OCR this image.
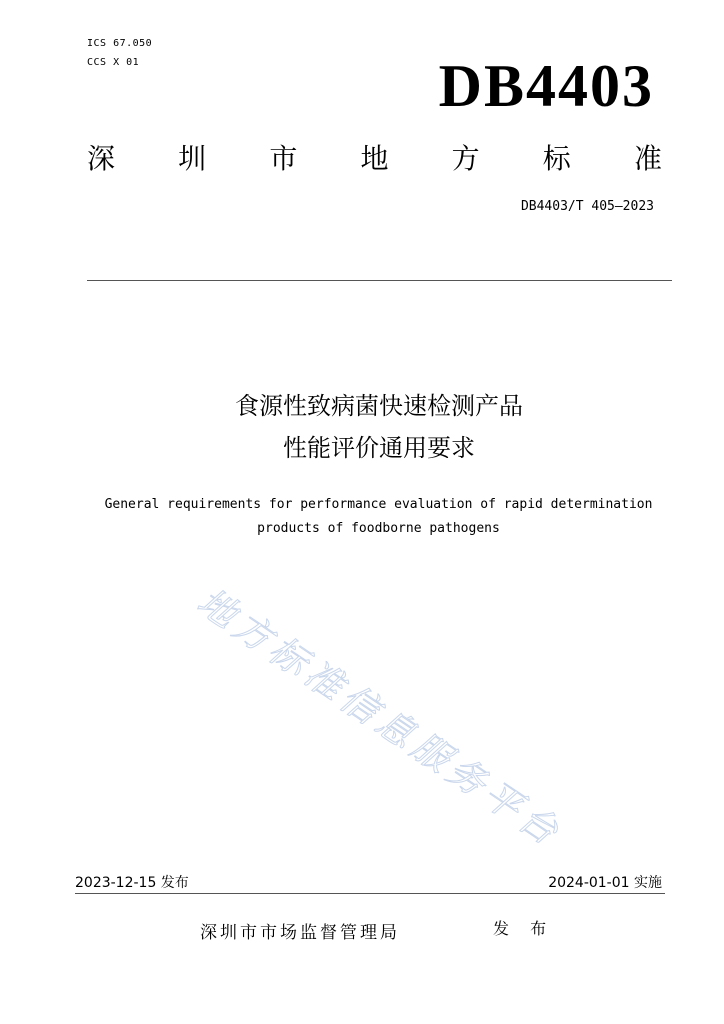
ICS 67.050
CCS X 01	DB4403
深 圳 市 地 方 标 准
DB4403/T 405—2023
食源性致病菌快速检测产品
性能评价通用要求
General requirements for performance evaluation of rapid determination
products of foodborne pathogens
地方标准信息服务平台
2023-12-15 发布	2024-01-01 实施
深圳市市场监督管理局	发 布
